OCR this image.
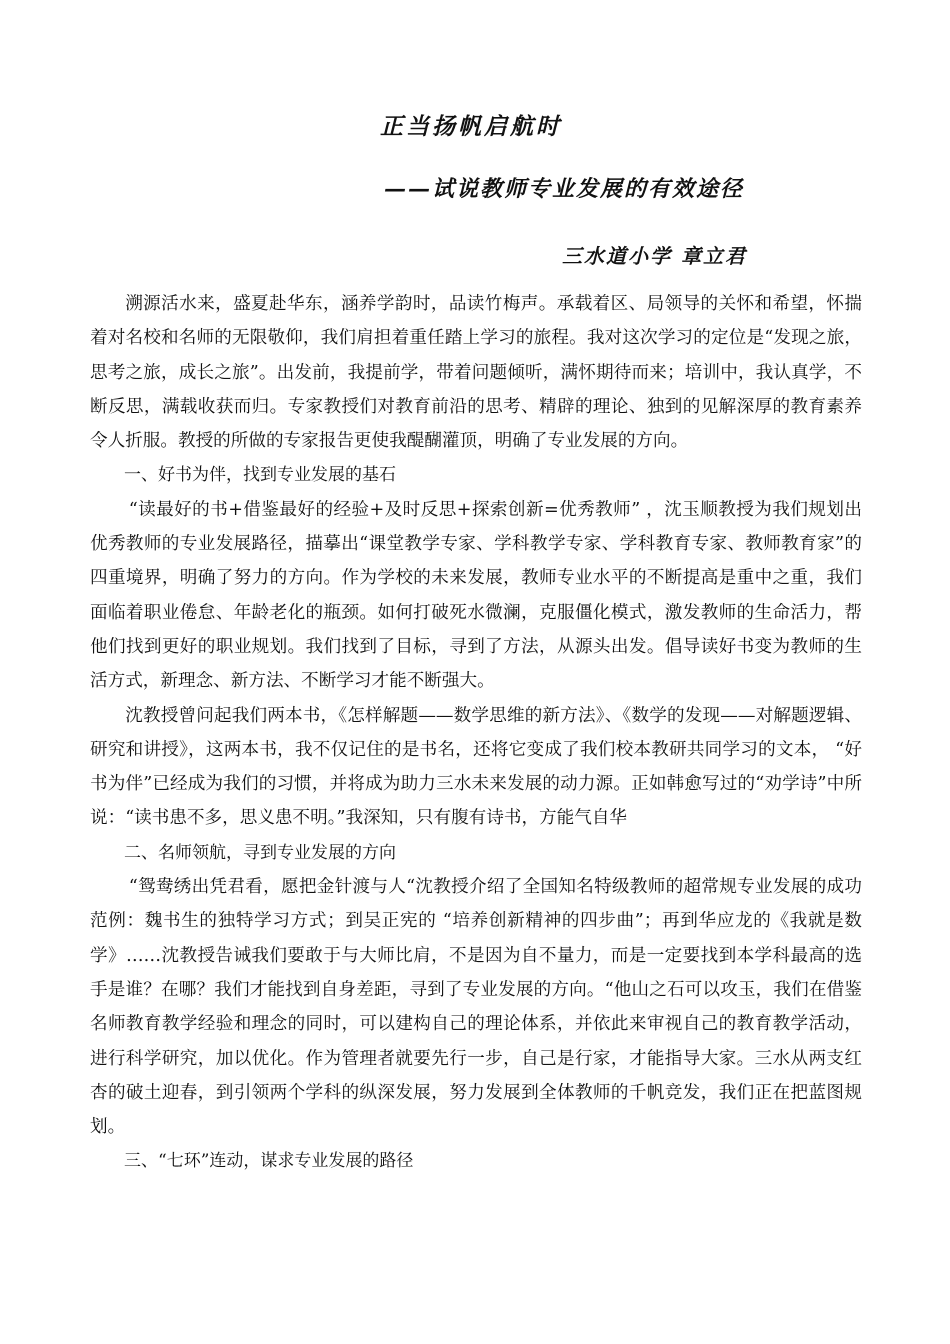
正当扬帆启航时
——试说教师专业发展的有效途径
三水道小学 章立君

溯源活水来，盛夏赴华东，涵养学韵时，品读竹梅声。承载着区、局领导的关怀和希望，怀揣着对名校和名师的无限敬仰，我们肩担着重任踏上学习的旅程。我对这次学习的定位是“发现之旅，思考之旅，成长之旅”。出发前，我提前学，带着问题倾听，满怀期待而来；培训中，我认真学，不断反思，满载收获而归。专家教授们对教育前沿的思考、精辟的理论、独到的见解深厚的教育素养令人折服。教授的所做的专家报告更使我醍醐灌顶，明确了专业发展的方向。

一、好书为伴，找到专业发展的基石

“读最好的书+借鉴最好的经验+及时反思+探索创新=优秀教师” ，沈玉顺教授为我们规划出优秀教师的专业发展路径，描摹出“课堂教学专家、学科教学专家、学科教育专家、教师教育家”的四重境界，明确了努力的方向。作为学校的未来发展，教师专业水平的不断提高是重中之重，我们面临着职业倦怠、年龄老化的瓶颈。如何打破死水微澜，克服僵化模式，激发教师的生命活力，帮他们找到更好的职业规划。我们找到了目标，寻到了方法，从源头出发。倡导读好书变为教师的生活方式，新理念、新方法、不断学习才能不断强大。

沈教授曾问起我们两本书，《怎样解题——数学思维的新方法》、《数学的发现——对解题逻辑、研究和讲授》，这两本书，我不仅记住的是书名，还将它变成了我们校本教研共同学习的文本， “好书为伴”已经成为我们的习惯，并将成为助力三水未来发展的动力源。正如韩愈写过的“劝学诗”中所说：“读书患不多，思义患不明。”我深知，只有腹有诗书，方能气自华

二、名师领航，寻到专业发展的方向

“鸳鸯绣出凭君看，愿把金针渡与人“沈教授介绍了全国知名特级教师的超常规专业发展的成功范例：魏书生的独特学习方式；到吴正宪的 “培养创新精神的四步曲”；再到华应龙的《我就是数学》……沈教授告诫我们要敢于与大师比肩，不是因为自不量力，而是一定要找到本学科最高的选手是谁？在哪？我们才能找到自身差距，寻到了专业发展的方向。“他山之石可以攻玉，我们在借鉴名师教育教学经验和理念的同时，可以建构自己的理论体系，并依此来审视自己的教育教学活动，进行科学研究，加以优化。作为管理者就要先行一步，自己是行家，才能指导大家。三水从两支红杏的破土迎春，到引领两个学科的纵深发展，努力发展到全体教师的千帆竞发，我们正在把蓝图规划。

三、“七环”连动，谋求专业发展的路径
